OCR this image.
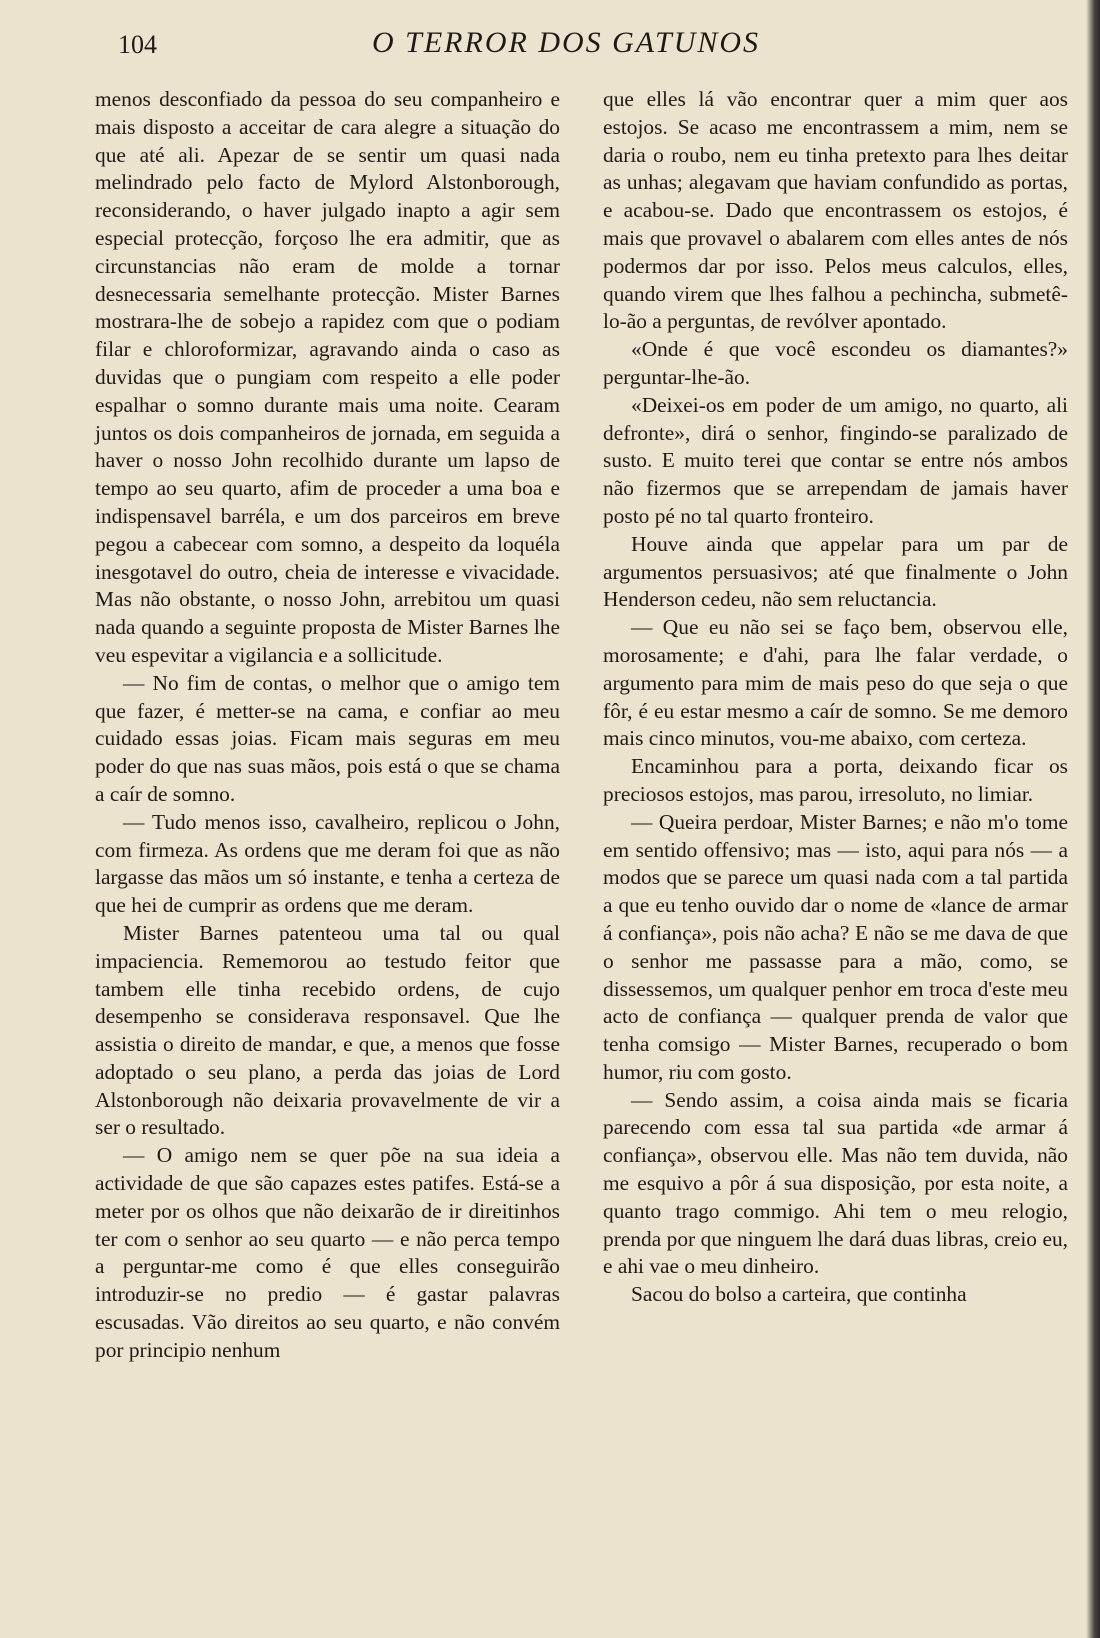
104	O TERROR DOS GATUNOS

menos desconfiado da pessoa do seu companheiro e mais disposto a acceitar de cara alegre a situação do que até ali. Apezar de se sentir um quasi nada melindrado pelo facto de Mylord Alstonborough, reconsiderando, o haver julgado inapto a agir sem especial protecção, forçoso lhe era admitir, que as circunstancias não eram de molde a tornar desnecessaria semelhante protecção. Mister Barnes mostrara-lhe de sobejo a rapidez com que o podiam filar e chloroformizar, agravando ainda o caso as duvidas que o pungiam com respeito a elle poder espalhar o somno durante mais uma noite. Cearam juntos os dois companheiros de jornada, em seguida a haver o nosso John recolhido durante um lapso de tempo ao seu quarto, afim de proceder a uma boa e indispensavel barréla, e um dos parceiros em breve pegou a cabecear com somno, a despeito da loquéla inesgotavel do outro, cheia de interesse e vivacidade. Mas não obstante, o nosso John, arrebitou um quasi nada quando a seguinte proposta de Mister Barnes lhe veu espevitar a vigilancia e a sollicitude.

— No fim de contas, o melhor que o amigo tem que fazer, é metter-se na cama, e confiar ao meu cuidado essas joias. Ficam mais seguras em meu poder do que nas suas mãos, pois está o que se chama a caír de somno.

— Tudo menos isso, cavalheiro, replicou o John, com firmeza. As ordens que me deram foi que as não largasse das mãos um só instante, e tenha a certeza de que hei de cumprir as ordens que me deram.

Mister Barnes patenteou uma tal ou qual impaciencia. Rememorou ao testudo feitor que tambem elle tinha recebido ordens, de cujo desempenho se considerava responsavel. Que lhe assistia o direito de mandar, e que, a menos que fosse adoptado o seu plano, a perda das joias de Lord Alstonborough não deixaria provavelmente de vir a ser o resultado.

— O amigo nem se quer põe na sua ideia a actividade de que são capazes estes patifes. Está-se a meter por os olhos que não deixarão de ir direitinhos ter com o senhor ao seu quarto — e não perca tempo a perguntar-me como é que elles conseguirão introduzir-se no predio — é gastar palavras escusadas. Vão direitos ao seu quarto, e não convém por principio nenhum

que elles lá vão encontrar quer a mim quer aos estojos. Se acaso me encontrassem a mim, nem se daria o roubo, nem eu tinha pretexto para lhes deitar as unhas; alegavam que haviam confundido as portas, e acabou-se. Dado que encontrassem os estojos, é mais que provavel o abalarem com elles antes de nós podermos dar por isso. Pelos meus calculos, elles, quando virem que lhes falhou a pechincha, submetê-lo-ão a perguntas, de revólver apontado.

«Onde é que você escondeu os diamantes?» perguntar-lhe-ão.

«Deixei-os em poder de um amigo, no quarto, ali defronte», dirá o senhor, fingindo-se paralizado de susto. E muito terei que contar se entre nós ambos não fizermos que se arrependam de jamais haver posto pé no tal quarto fronteiro.

Houve ainda que appelar para um par de argumentos persuasivos; até que finalmente o John Henderson cedeu, não sem reluctancia.

— Que eu não sei se faço bem, observou elle, morosamente; e d'ahi, para lhe falar verdade, o argumento para mim de mais peso do que seja o que fôr, é eu estar mesmo a caír de somno. Se me demoro mais cinco minutos, vou-me abaixo, com certeza.

Encaminhou para a porta, deixando ficar os preciosos estojos, mas parou, irresoluto, no limiar.

— Queira perdoar, Mister Barnes; e não m'o tome em sentido offensivo; mas — isto, aqui para nós — a modos que se parece um quasi nada com a tal partida a que eu tenho ouvido dar o nome de «lance de armar á confiança», pois não acha? E não se me dava de que o senhor me passasse para a mão, como, se dissessemos, um qualquer penhor em troca d'este meu acto de confiança — qualquer prenda de valor que tenha comsigo — Mister Barnes, recuperado o bom humor, riu com gosto.

— Sendo assim, a coisa ainda mais se ficaria parecendo com essa tal sua partida «de armar á confiança», observou elle. Mas não tem duvida, não me esquivo a pôr á sua disposição, por esta noite, a quanto trago commigo. Ahi tem o meu relogio, prenda por que ninguem lhe dará duas libras, creio eu, e ahi vae o meu dinheiro.

Sacou do bolso a carteira, que continha
